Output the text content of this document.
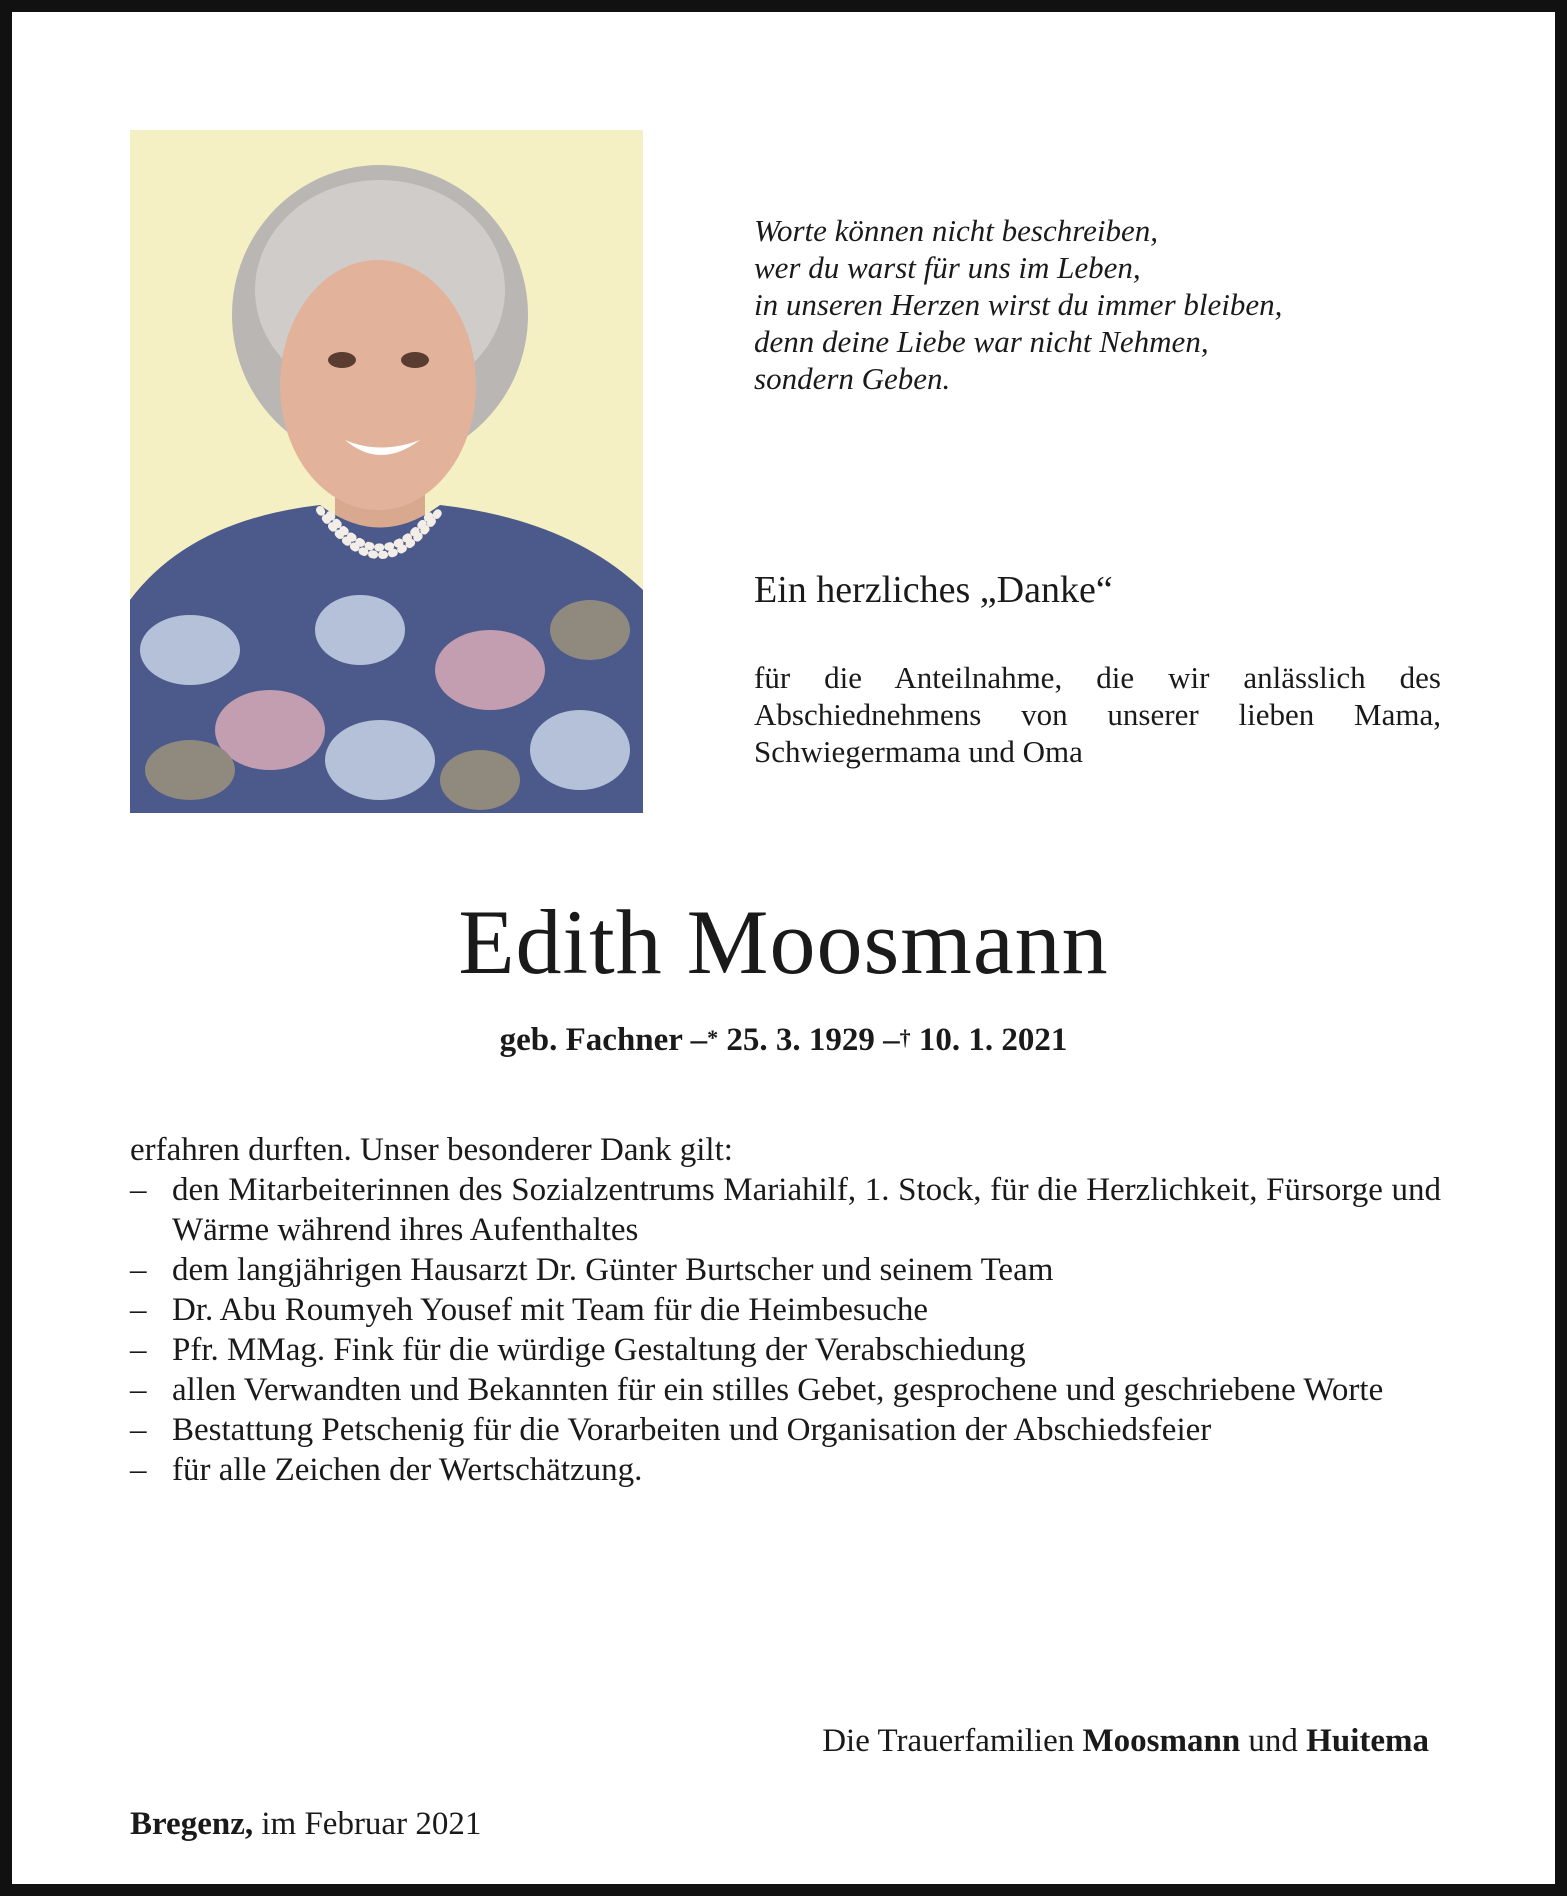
Worte können nicht beschreiben,
wer du warst für uns im Leben,
in unseren Herzen wirst du immer bleiben,
denn deine Liebe war nicht Nehmen,
sondern Geben.
Ein herzliches „Danke“
für die Anteilnahme, die wir anlässlich des Abschiednehmens von unserer lieben Mama, Schwiegermama und Oma
Edith Moosmann
geb. Fachner –* 25. 3. 1929 –† 10. 1. 2021
erfahren durften. Unser besonderer Dank gilt:
– den Mitarbeiterinnen des Sozialzentrums Mariahilf, 1. Stock, für die Herzlichkeit, Fürsorge und Wärme während ihres Aufenthaltes
– dem langjährigen Hausarzt Dr. Günter Burtscher und seinem Team
– Dr. Abu Roumyeh Yousef mit Team für die Heimbesuche
– Pfr. MMag. Fink für die würdige Gestaltung der Verabschiedung
– allen Verwandten und Bekannten für ein stilles Gebet, gesprochene und geschriebene Worte
– Bestattung Petschenig für die Vorarbeiten und Organisation der Abschiedsfeier
– für alle Zeichen der Wertschätzung.
Die Trauerfamilien Moosmann und Huitema
Bregenz, im Februar 2021
